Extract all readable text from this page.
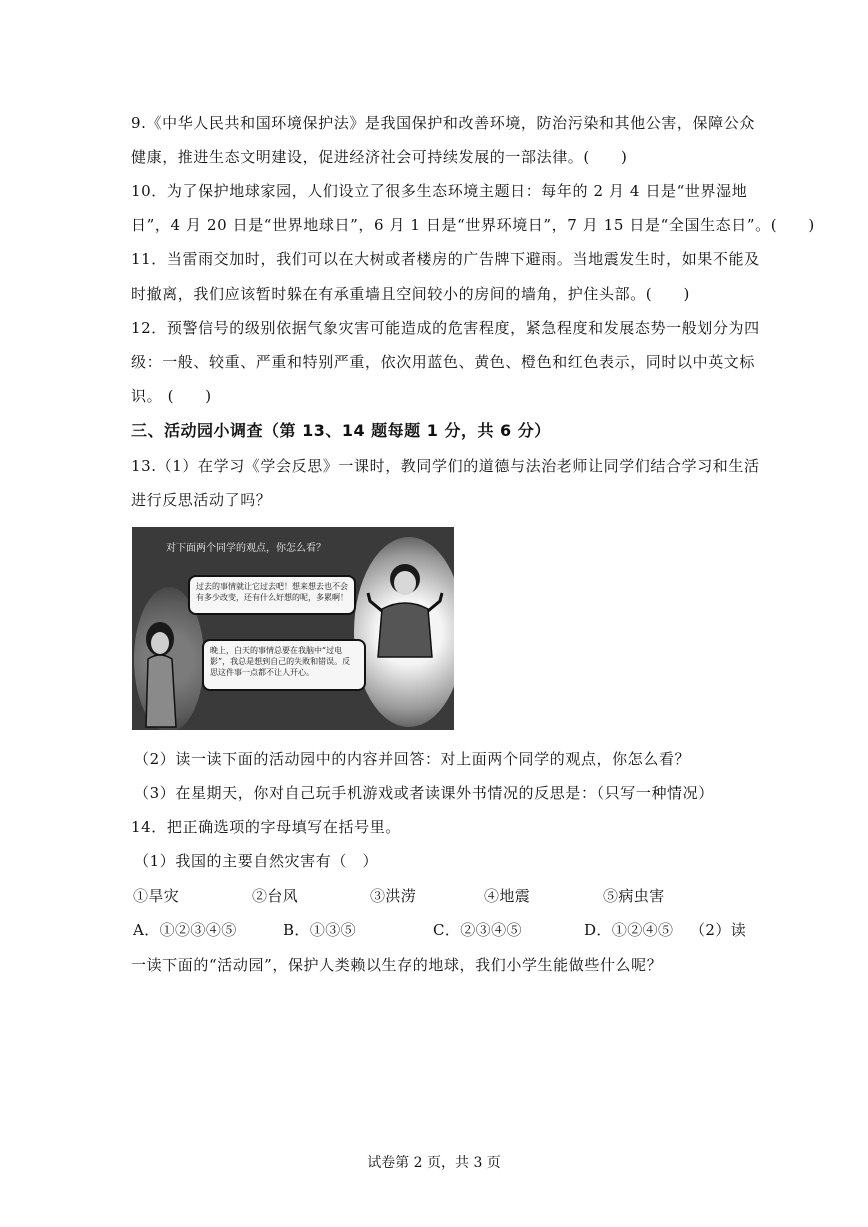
9.《中华人民共和国环境保护法》是我国保护和改善环境，防治污染和其他公害，保障公众
健康，推进生态文明建设，促进经济社会可持续发展的一部法律。(　　)
10．为了保护地球家园，人们设立了很多生态环境主题日：每年的 2 月 4 日是“世界湿地
日”，4 月 20 日是“世界地球日”，6 月 1 日是“世界环境日”，7 月 15 日是“全国生态日”。(　　)
11．当雷雨交加时，我们可以在大树或者楼房的广告牌下避雨。当地震发生时，如果不能及
时撤离，我们应该暂时躲在有承重墙且空间较小的房间的墙角，护住头部。(　　)
12．预警信号的级别依据气象灾害可能造成的危害程度，紧急程度和发展态势一般划分为四
级：一般、较重、严重和特别严重，依次用蓝色、黄色、橙色和红色表示，同时以中英文标
识。 (　　)
三、活动园小调查（第 13、14 题每题 1 分，共 6 分）
13.（1）在学习《学会反思》一课时，教同学们的道德与法治老师让同学们结合学习和生活
进行反思活动了吗？
对下面两个同学的观点，你怎么看？
过去的事情就让它过去吧！想来想去也不会有多少改变，还有什么好想的呢，多累啊！
晚上，白天的事情总要在我脑中“过电影”，我总是想到自己的失败和错误。反思这件事一点都不让人开心。
（2）读一读下面的活动园中的内容并回答：对上面两个同学的观点，你怎么看？
（3）在星期天，你对自己玩手机游戏或者读课外书情况的反思是：（只写一种情况）
14．把正确选项的字母填写在括号里。
（1）我国的主要自然灾害有（　）
①旱灾	②台风	③洪涝	④地震	⑤病虫害
A．①②③④⑤	B．①③⑤	C．②③④⑤	D．①②④⑤ （2）读
一读下面的“活动园”，保护人类赖以生存的地球，我们小学生能做些什么呢？
试卷第 2 页，共 3 页
